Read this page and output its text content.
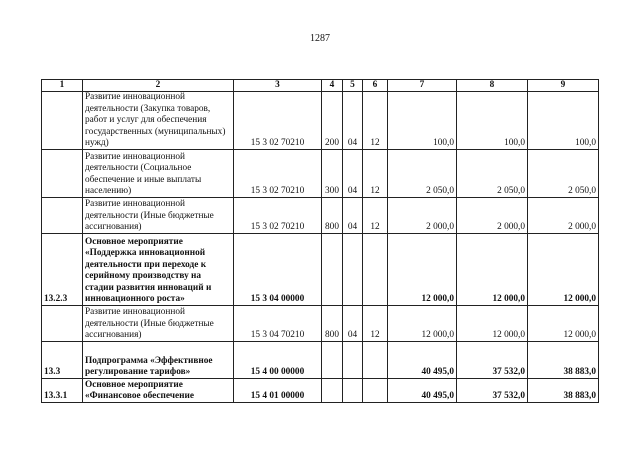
1287
1	2	3	4	5	6	7	8	9
	Развитие инновационной деятельности (Закупка товаров, работ и услуг для обеспечения государственных (муниципальных) нужд)	15 3 02 70210	200	04	12	100,0	100,0	100,0
	Развитие инновационной деятельности (Социальное обеспечение и иные выплаты населению)	15 3 02 70210	300	04	12	2 050,0	2 050,0	2 050,0
	Развитие инновационной деятельности (Иные бюджетные ассигнования)	15 3 02 70210	800	04	12	2 000,0	2 000,0	2 000,0
13.2.3	Основное мероприятие «Поддержка инновационной деятельности при переходе к серийному производству на стадии развития инноваций и инновационного роста»	15 3 04 00000				12 000,0	12 000,0	12 000,0
	Развитие инновационной деятельности (Иные бюджетные ассигнования)	15 3 04 70210	800	04	12	12 000,0	12 000,0	12 000,0
13.3	Подпрограмма «Эффективное регулирование тарифов»	15 4 00 00000				40 495,0	37 532,0	38 883,0
13.3.1	Основное мероприятие «Финансовое обеспечение	15 4 01 00000				40 495,0	37 532,0	38 883,0
